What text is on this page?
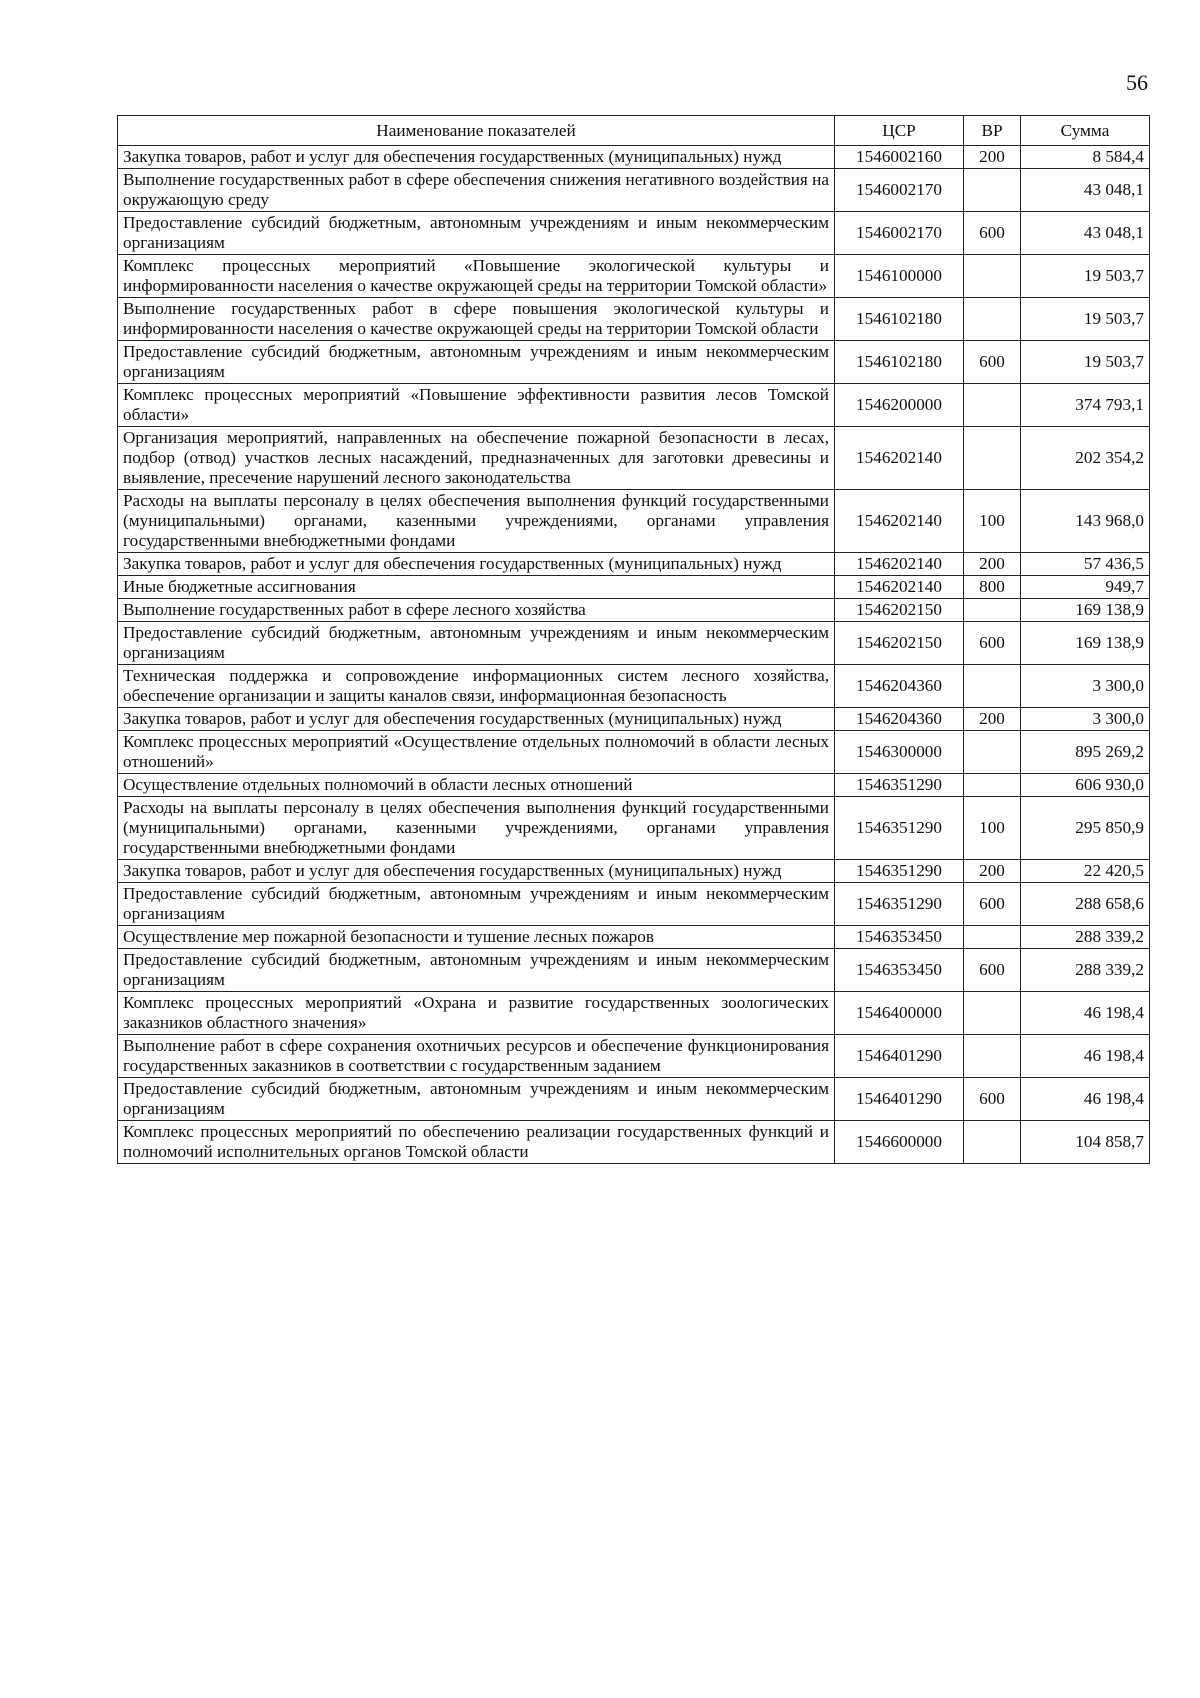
56
Наименование показателей	ЦСР	ВР	Сумма
Закупка товаров, работ и услуг для обеспечения государственных (муниципальных) нужд	1546002160	200	8 584,4
Выполнение государственных работ в сфере обеспечения снижения негативного воздействия на окружающую среду	1546002170		43 048,1
Предоставление субсидий бюджетным, автономным учреждениям и иным некоммерческим организациям	1546002170	600	43 048,1
Комплекс процессных мероприятий «Повышение экологической культуры и информированности населения о качестве окружающей среды на территории Томской области»	1546100000		19 503,7
Выполнение государственных работ в сфере повышения экологической культуры и информированности населения о качестве окружающей среды на территории Томской области	1546102180		19 503,7
Предоставление субсидий бюджетным, автономным учреждениям и иным некоммерческим организациям	1546102180	600	19 503,7
Комплекс процессных мероприятий «Повышение эффективности развития лесов Томской области»	1546200000		374 793,1
Организация мероприятий, направленных на обеспечение пожарной безопасности в лесах, подбор (отвод) участков лесных насаждений, предназначенных для заготовки древесины и выявление, пресечение нарушений лесного законодательства	1546202140		202 354,2
Расходы на выплаты персоналу в целях обеспечения выполнения функций государственными (муниципальными) органами, казенными учреждениями, органами управления государственными внебюджетными фондами	1546202140	100	143 968,0
Закупка товаров, работ и услуг для обеспечения государственных (муниципальных) нужд	1546202140	200	57 436,5
Иные бюджетные ассигнования	1546202140	800	949,7
Выполнение государственных работ в сфере лесного хозяйства	1546202150		169 138,9
Предоставление субсидий бюджетным, автономным учреждениям и иным некоммерческим организациям	1546202150	600	169 138,9
Техническая поддержка и сопровождение информационных систем лесного хозяйства, обеспечение организации и защиты каналов связи, информационная безопасность	1546204360		3 300,0
Закупка товаров, работ и услуг для обеспечения государственных (муниципальных) нужд	1546204360	200	3 300,0
Комплекс процессных мероприятий «Осуществление отдельных полномочий в области лесных отношений»	1546300000		895 269,2
Осуществление отдельных полномочий в области лесных отношений	1546351290		606 930,0
Расходы на выплаты персоналу в целях обеспечения выполнения функций государственными (муниципальными) органами, казенными учреждениями, органами управления государственными внебюджетными фондами	1546351290	100	295 850,9
Закупка товаров, работ и услуг для обеспечения государственных (муниципальных) нужд	1546351290	200	22 420,5
Предоставление субсидий бюджетным, автономным учреждениям и иным некоммерческим организациям	1546351290	600	288 658,6
Осуществление мер пожарной безопасности и тушение лесных пожаров	1546353450		288 339,2
Предоставление субсидий бюджетным, автономным учреждениям и иным некоммерческим организациям	1546353450	600	288 339,2
Комплекс процессных мероприятий «Охрана и развитие государственных зоологических заказников областного значения»	1546400000		46 198,4
Выполнение работ в сфере сохранения охотничьих ресурсов и обеспечение функционирования государственных заказников в соответствии с государственным заданием	1546401290		46 198,4
Предоставление субсидий бюджетным, автономным учреждениям и иным некоммерческим организациям	1546401290	600	46 198,4
Комплекс процессных мероприятий по обеспечению реализации государственных функций и полномочий исполнительных органов Томской области	1546600000		104 858,7
